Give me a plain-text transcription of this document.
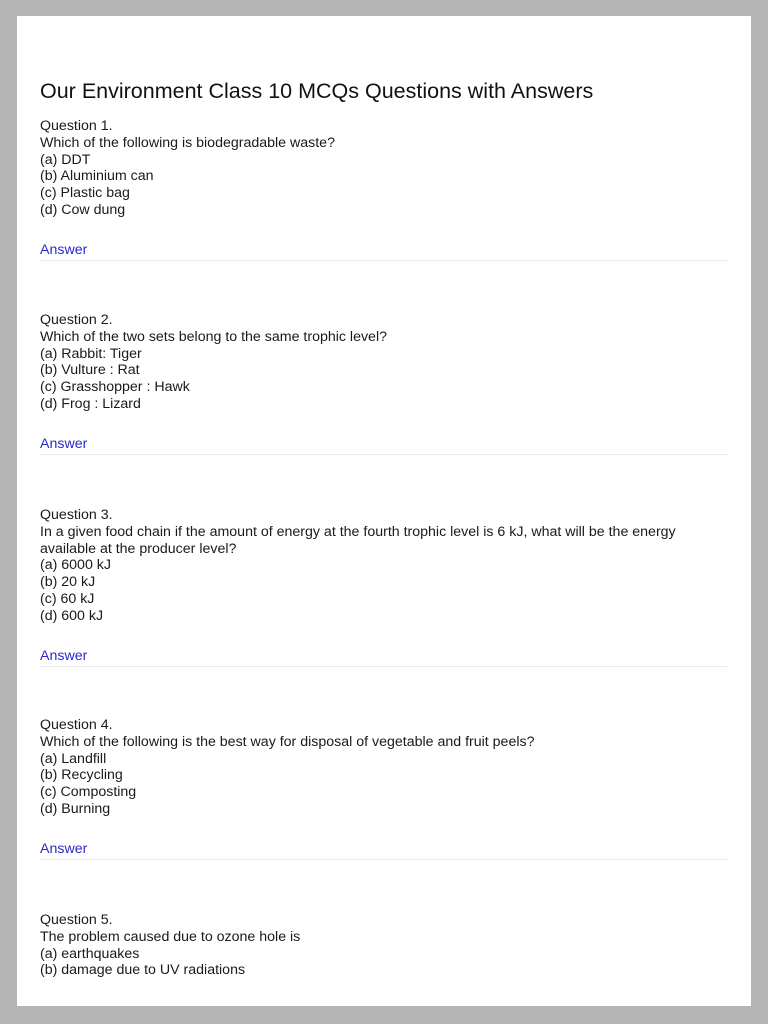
Our Environment Class 10 MCQs Questions with Answers
Question 1.
Which of the following is biodegradable waste?
(a) DDT
(b) Aluminium can
(c) Plastic bag
(d) Cow dung
Answer
Question 2.
Which of the two sets belong to the same trophic level?
(a) Rabbit: Tiger
(b) Vulture : Rat
(c) Grasshopper : Hawk
(d) Frog : Lizard
Answer
Question 3.
In a given food chain if the amount of energy at the fourth trophic level is 6 kJ, what will be the energy available at the producer level?
(a) 6000 kJ
(b) 20 kJ
(c) 60 kJ
(d) 600 kJ
Answer
Question 4.
Which of the following is the best way for disposal of vegetable and fruit peels?
(a) Landfill
(b) Recycling
(c) Composting
(d) Burning
Answer
Question 5.
The problem caused due to ozone hole is
(a) earthquakes
(b) damage due to UV radiations
